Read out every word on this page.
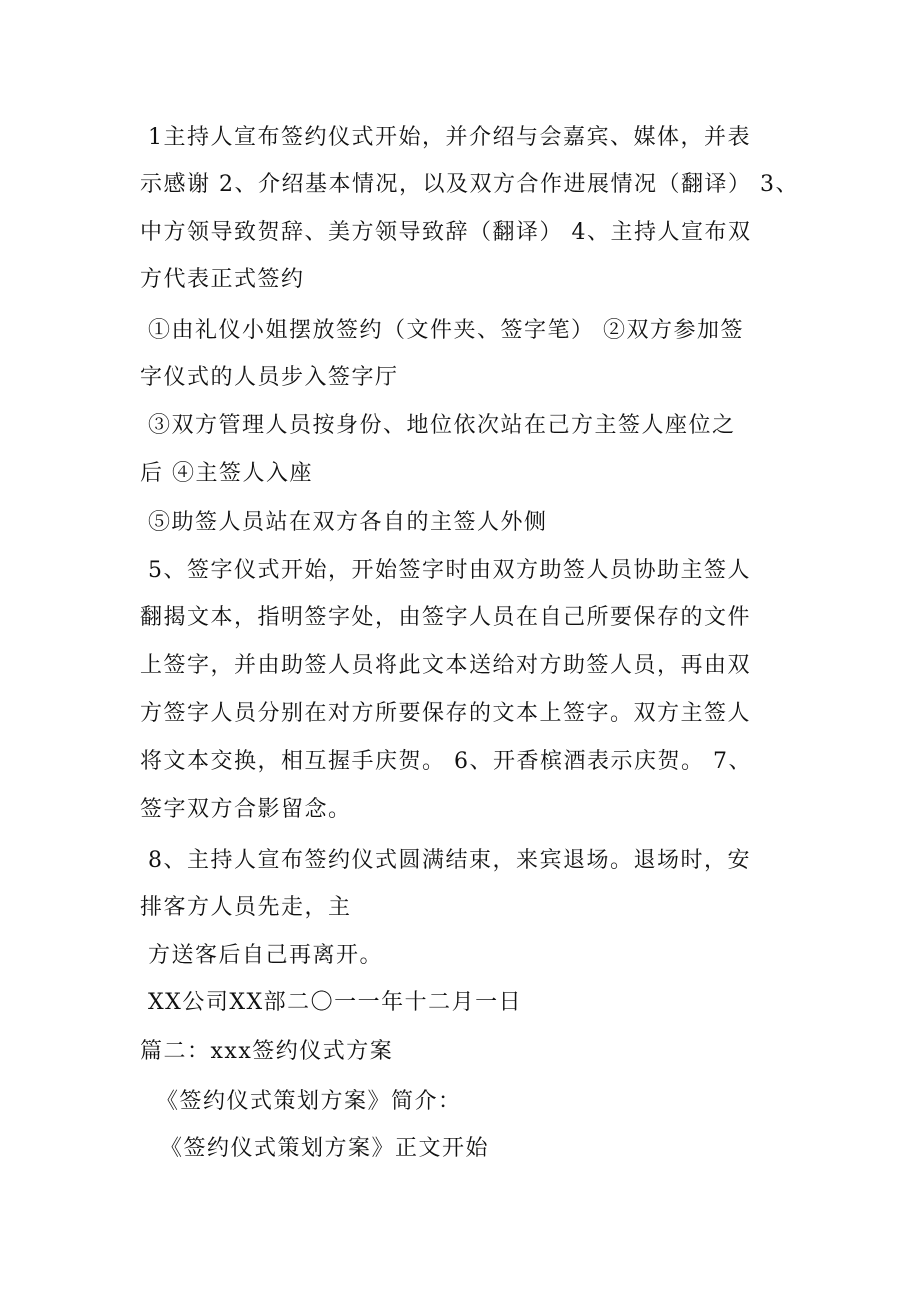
1主持人宣布签约仪式开始，并介绍与会嘉宾、媒体，并表
示感谢 2、介绍基本情况，以及双方合作进展情况（翻译） 3、
中方领导致贺辞、美方领导致辞（翻译） 4、主持人宣布双
方代表正式签约
①由礼仪小姐摆放签约（文件夹、签字笔） ②双方参加签
字仪式的人员步入签字厅
③双方管理人员按身份、地位依次站在己方主签人座位之
后 ④主签人入座
⑤助签人员站在双方各自的主签人外侧
5、签字仪式开始，开始签字时由双方助签人员协助主签人
翻揭文本，指明签字处，由签字人员在自己所要保存的文件
上签字，并由助签人员将此文本送给对方助签人员，再由双
方签字人员分别在对方所要保存的文本上签字。双方主签人
将文本交换，相互握手庆贺。 6、开香槟酒表示庆贺。 7、
签字双方合影留念。
8、主持人宣布签约仪式圆满结束，来宾退场。退场时，安
排客方人员先走，主
方送客后自己再离开。
XX公司XX部二〇一一年十二月一日
篇二：xxx签约仪式方案
《签约仪式策划方案》简介：
《签约仪式策划方案》正文开始
